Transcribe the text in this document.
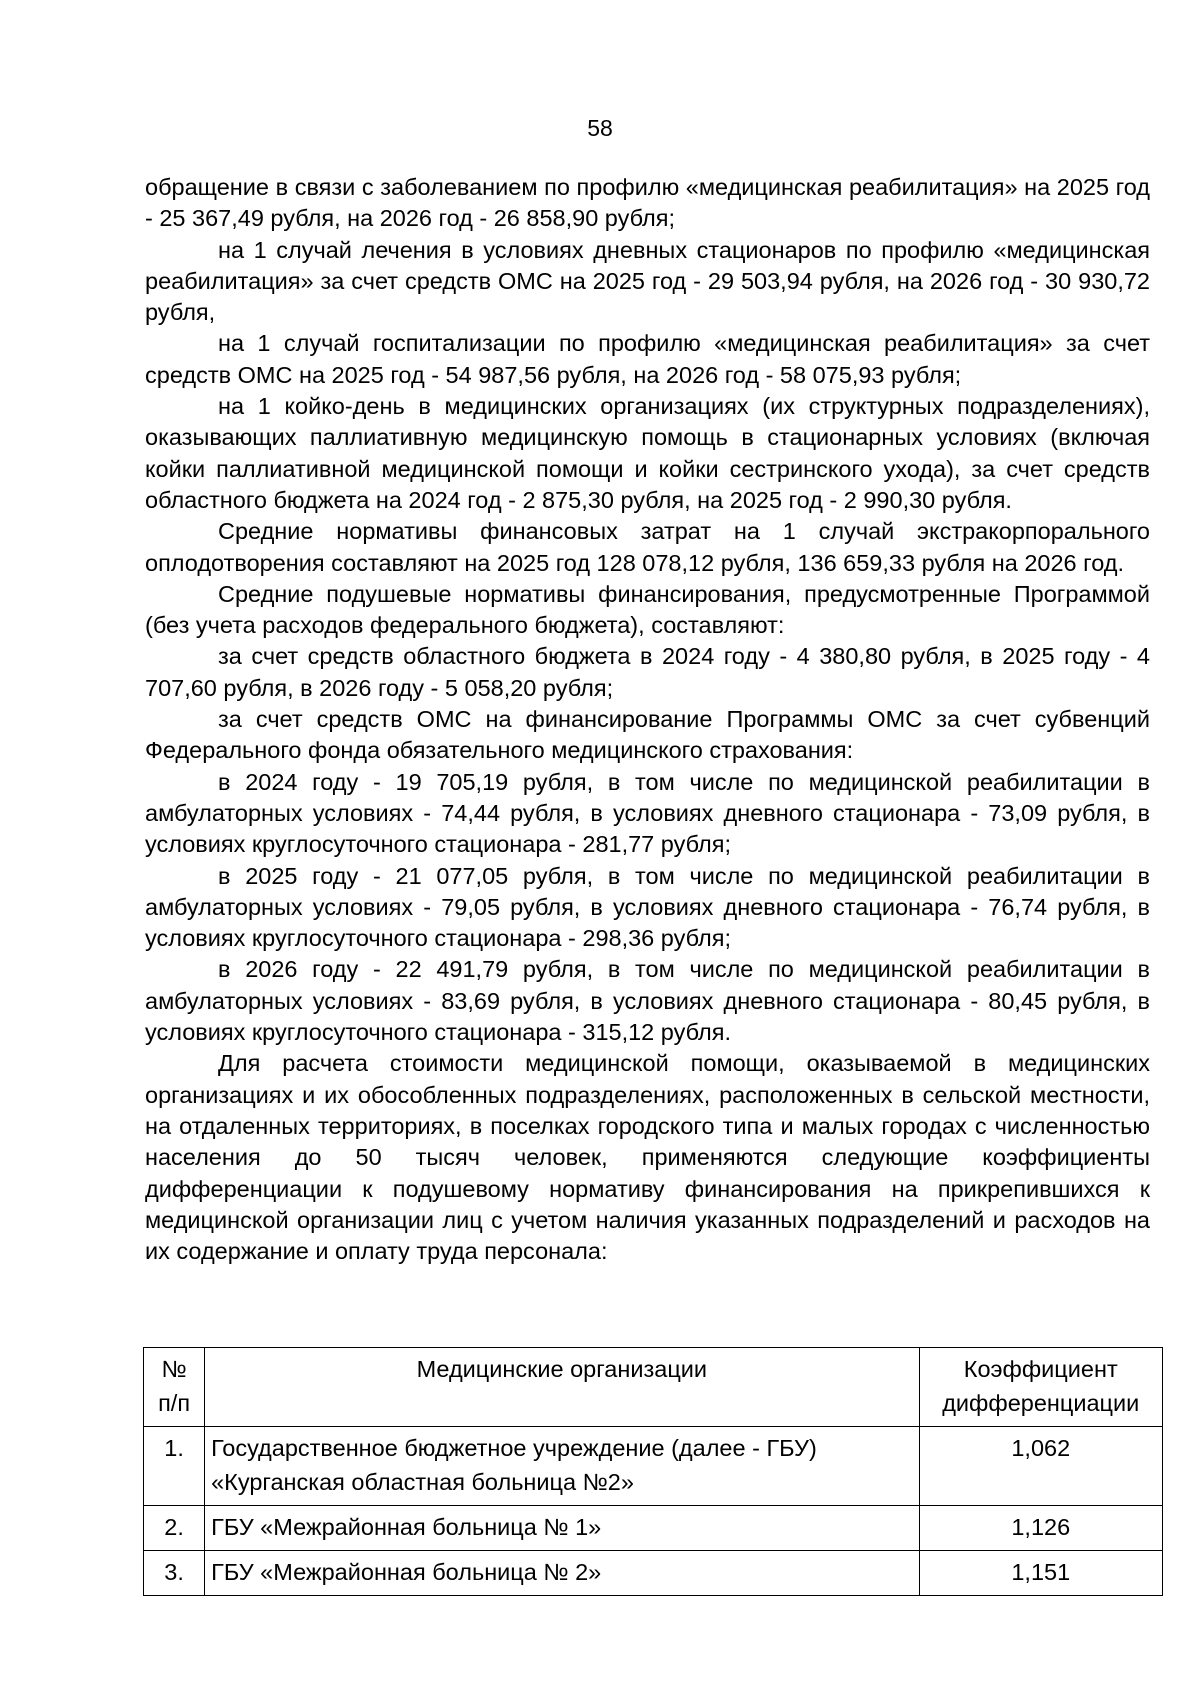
58

обращение в связи с заболеванием по профилю «медицинская реабилитация» на 2025 год - 25 367,49 рубля, на 2026 год - 26 858,90 рубля;

на 1 случай лечения в условиях дневных стационаров по профилю «медицинская реабилитация» за счет средств ОМС на 2025 год - 29 503,94 рубля, на 2026 год - 30 930,72 рубля,

на 1 случай госпитализации по профилю «медицинская реабилитация» за счет средств ОМС на 2025 год - 54 987,56 рубля, на 2026 год - 58 075,93 рубля;

на 1 койко-день в медицинских организациях (их структурных подразделениях), оказывающих паллиативную медицинскую помощь в стационарных условиях (включая койки паллиативной медицинской помощи и койки сестринского ухода), за счет средств областного бюджета на 2024 год - 2 875,30 рубля, на 2025 год - 2 990,30 рубля.

Средние нормативы финансовых затрат на 1 случай экстракорпорального оплодотворения составляют на 2025 год 128 078,12 рубля, 136 659,33 рубля на 2026 год.

Средние подушевые нормативы финансирования, предусмотренные Программой (без учета расходов федерального бюджета), составляют:

за счет средств областного бюджета в 2024 году - 4 380,80 рубля, в 2025 году - 4 707,60 рубля, в 2026 году - 5 058,20 рубля;

за счет средств ОМС на финансирование Программы ОМС за счет субвенций Федерального фонда обязательного медицинского страхования:

в 2024 году - 19 705,19 рубля, в том числе по медицинской реабилитации в амбулаторных условиях - 74,44 рубля, в условиях дневного стационара - 73,09 рубля, в условиях круглосуточного стационара - 281,77 рубля;

в 2025 году - 21 077,05 рубля, в том числе по медицинской реабилитации в амбулаторных условиях - 79,05 рубля, в условиях дневного стационара - 76,74 рубля, в условиях круглосуточного стационара - 298,36 рубля;

в 2026 году - 22 491,79 рубля, в том числе по медицинской реабилитации в амбулаторных условиях - 83,69 рубля, в условиях дневного стационара - 80,45 рубля, в условиях круглосуточного стационара - 315,12 рубля.

Для расчета стоимости медицинской помощи, оказываемой в медицинских организациях и их обособленных подразделениях, расположенных в сельской местности, на отдаленных территориях, в поселках городского типа и малых городах с численностью населения до 50 тысяч человек, применяются следующие коэффициенты дифференциации к подушевому нормативу финансирования на прикрепившихся к медицинской организации лиц с учетом наличия указанных подразделений и расходов на их содержание и оплату труда персонала:

№ п/п	Медицинские организации	Коэффициент дифференциации
1.	Государственное бюджетное учреждение (далее - ГБУ) «Курганская областная больница №2»	1,062
2.	ГБУ «Межрайонная больница № 1»	1,126
3.	ГБУ «Межрайонная больница № 2»	1,151
